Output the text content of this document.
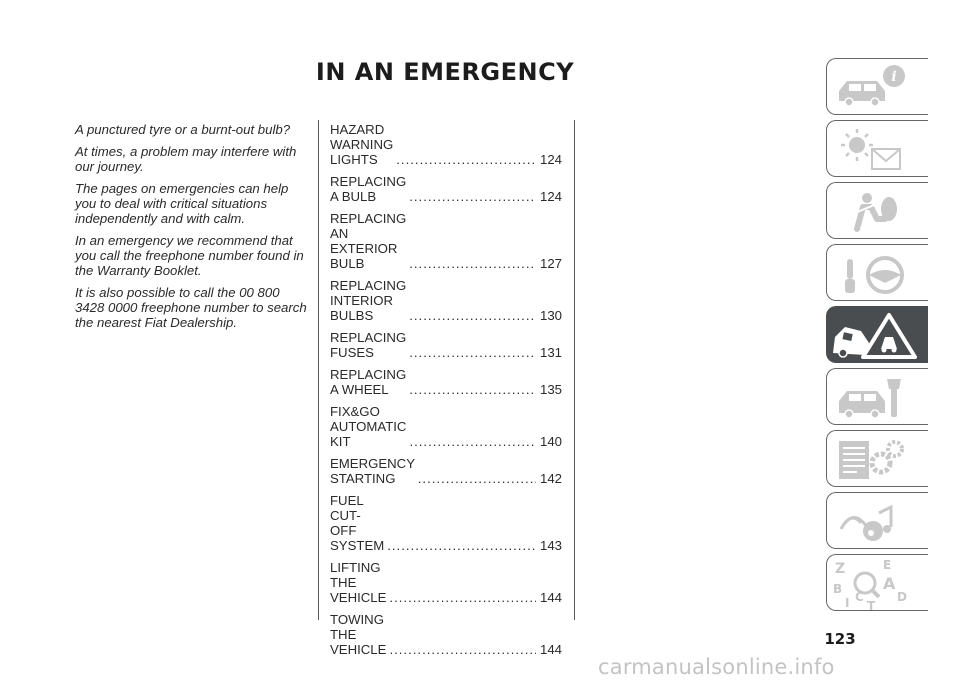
IN AN EMERGENCY

A punctured tyre or a burnt-out bulb?

At times, a problem may interfere with our journey.

The pages on emergencies can help you to deal with critical situations independently and with calm.

In an emergency we recommend that you call the freephone number found in the Warranty Booklet.

It is also possible to call the 00 800 3428 0000 freephone number to search the nearest Fiat Dealership.

HAZARD WARNING LIGHTS .....	124
REPLACING A BULB .....	124
REPLACING AN EXTERIOR BULB .....	127
REPLACING INTERIOR BULBS .....	130
REPLACING FUSES .....	131
REPLACING A WHEEL .....	135
FIX&GO AUTOMATIC KIT .....	140
EMERGENCY STARTING .....	142
FUEL CUT-OFF SYSTEM .....	143
LIFTING THE VEHICLE .....	144
TOWING THE VEHICLE .....	144
i
Z	E
B	A
I C
T
D
123
carmanualsonline.info
